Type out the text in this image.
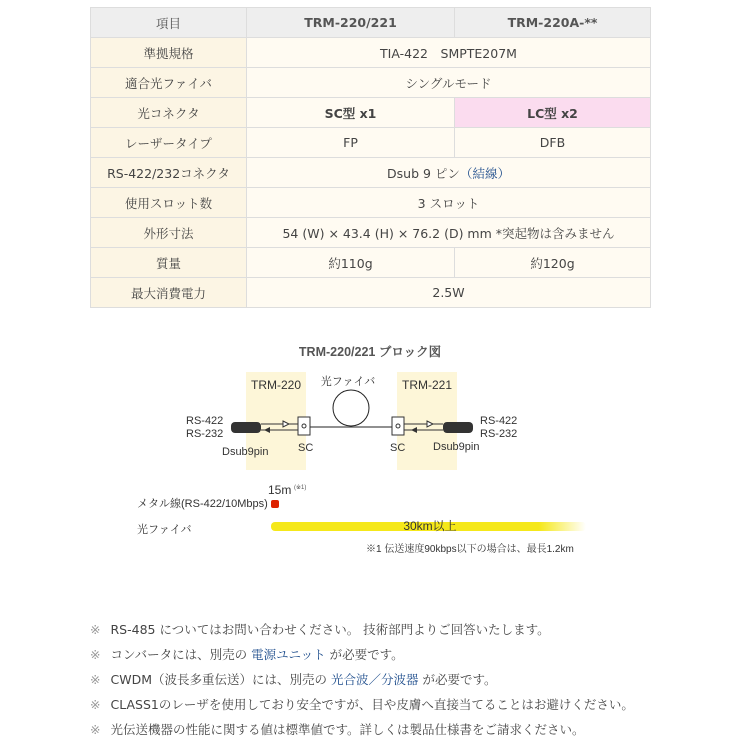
項目	TRM-220/221	TRM-220A-**
準拠規格	TIA-422　SMPTE207M	
適合光ファイバ	シングルモード	
光コネクタ	SC型 x1	LC型 x2
レーザータイプ	FP	DFB
RS-422/232コネクタ	Dsub 9 ピン（結線）	
使用スロット数	3 スロット	
外形寸法	54 (W) × 43.4 (H) × 76.2 (D) mm *突起物は含みません	
質量	約110g	約120g
最大消費電力	2.5W	
TRM-220/221 ブロック図
TRM-220	TRM-221
光ファイバ
RS-422
RS-232
Dsub9pin	SC
RS-422
RS-232
SC	Dsub9pin
15m (※1)
メタル線(RS-422/10Mbps)
光ファイバ	30km以上
※1 伝送速度90kbps以下の場合は、最長1.2km
※ RS-485 についてはお問い合わせください。 技術部門よりご回答いたします。
※ コンバータには、別売の 電源ユニット が必要です。
※ CWDM（波長多重伝送）には、別売の 光合波／分波器 が必要です。
※ CLASS1のレーザを使用しており安全ですが、目や皮膚へ直接当てることはお避けください。
※ 光伝送機器の性能に関する値は標準値です。詳しくは製品仕様書をご請求ください。
